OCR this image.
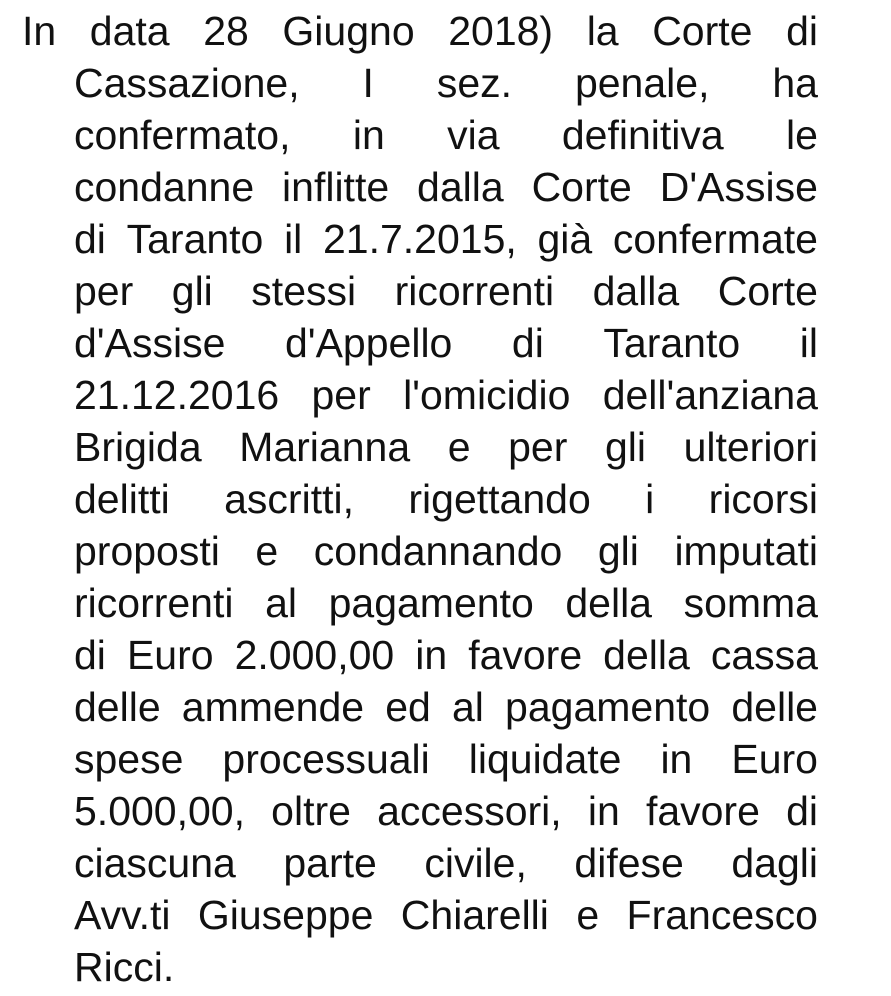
In data 28 Giugno 2018) la Corte di
Cassazione, I sez. penale, ha
confermato, in via definitiva le
condanne inflitte dalla Corte D'Assise
di Taranto il 21.7.2015, già confermate
per gli stessi ricorrenti dalla Corte
d'Assise d'Appello di Taranto il
21.12.2016 per l'omicidio dell'anziana
Brigida Marianna e per gli ulteriori
delitti ascritti, rigettando i ricorsi
proposti e condannando gli imputati
ricorrenti al pagamento della somma
di Euro 2.000,00 in favore della cassa
delle ammende ed al pagamento delle
spese processuali liquidate in Euro
5.000,00, oltre accessori, in favore di
ciascuna parte civile, difese dagli
Avv.ti Giuseppe Chiarelli e Francesco
Ricci.
